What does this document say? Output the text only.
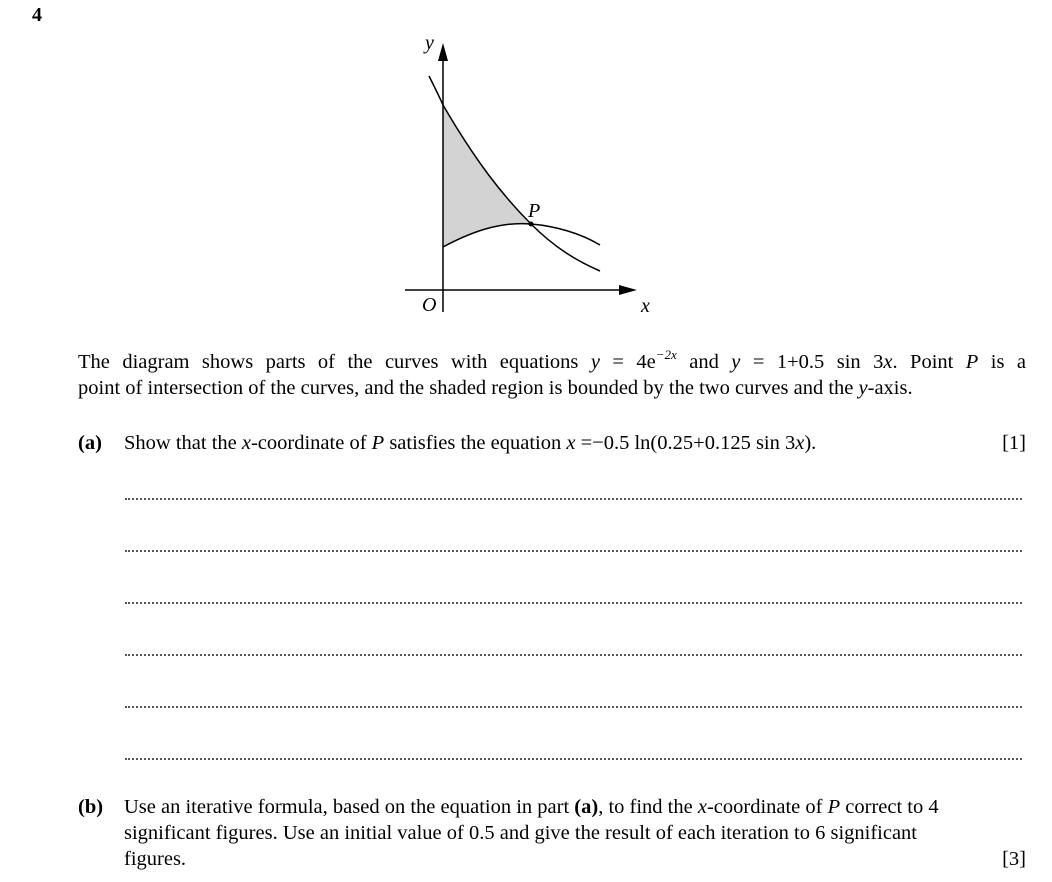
4
y
x
O
P
The diagram shows parts of the curves with equations $y = 4e^{-2x}$ and y = 1+0.5 sin 3x. Point P is a
point of intersection of the curves, and the shaded region is bounded by the two curves and the y-axis.
(a) Show that the x-coordinate of P satisfies the equation x =−0.5 ln(0.25+0.125 sin 3x).	[1]
(b) Use an iterative formula, based on the equation in part (a), to find the x-coordinate of P correct to 4 significant figures. Use an initial value of 0.5 and give the result of each iteration to 6 significant figures.	[3]
